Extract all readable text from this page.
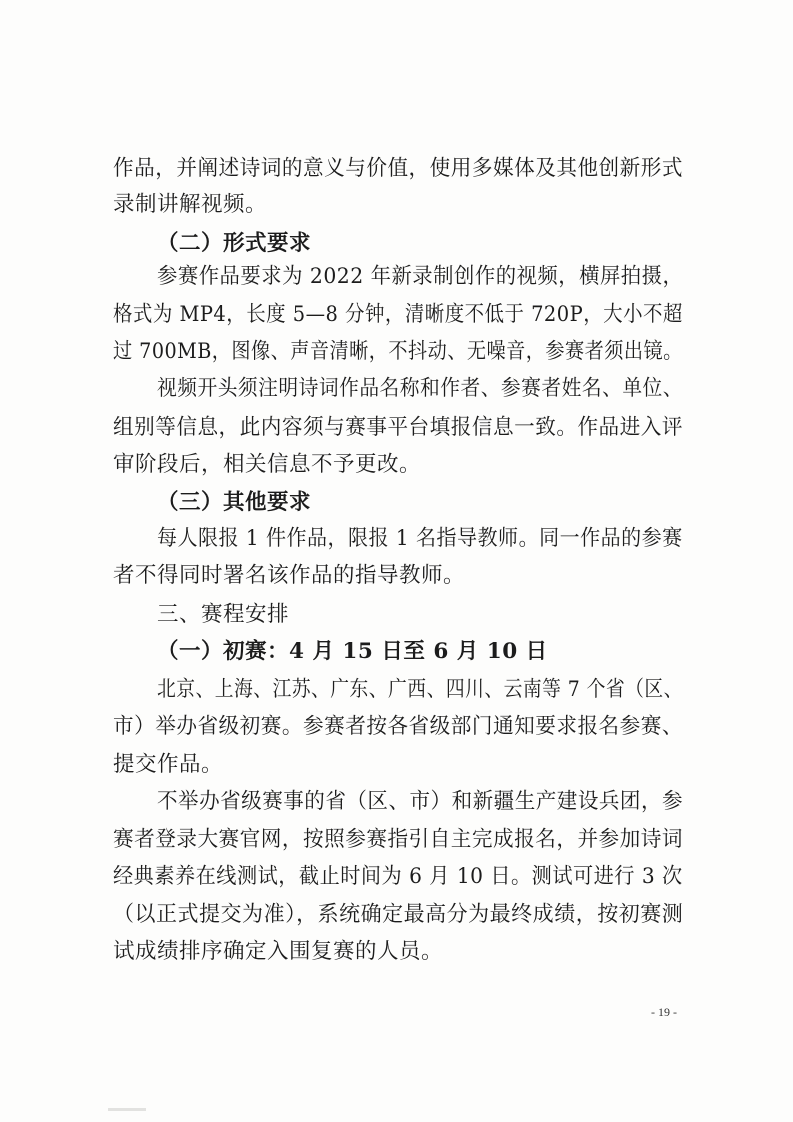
作品，并阐述诗词的意义与价值，使用多媒体及其他创新形式
录制讲解视频。
（二）形式要求
参赛作品要求为 2022 年新录制创作的视频，横屏拍摄，
格式为 MP4，长度 5—8 分钟，清晰度不低于 720P，大小不超
过 700MB，图像、声音清晰，不抖动、无噪音，参赛者须出镜。
视频开头须注明诗词作品名称和作者、参赛者姓名、单位、
组别等信息，此内容须与赛事平台填报信息一致。作品进入评
审阶段后，相关信息不予更改。
（三）其他要求
每人限报 1 件作品，限报 1 名指导教师。同一作品的参赛
者不得同时署名该作品的指导教师。
三、赛程安排
（一）初赛：4 月 15 日至 6 月 10 日
北京、上海、江苏、广东、广西、四川、云南等 7 个省（区、
市）举办省级初赛。参赛者按各省级部门通知要求报名参赛、
提交作品。
不举办省级赛事的省（区、市）和新疆生产建设兵团，参
赛者登录大赛官网，按照参赛指引自主完成报名，并参加诗词
经典素养在线测试，截止时间为 6 月 10 日。测试可进行 3 次
（以正式提交为准），系统确定最高分为最终成绩，按初赛测
试成绩排序确定入围复赛的人员。
- 19 -
